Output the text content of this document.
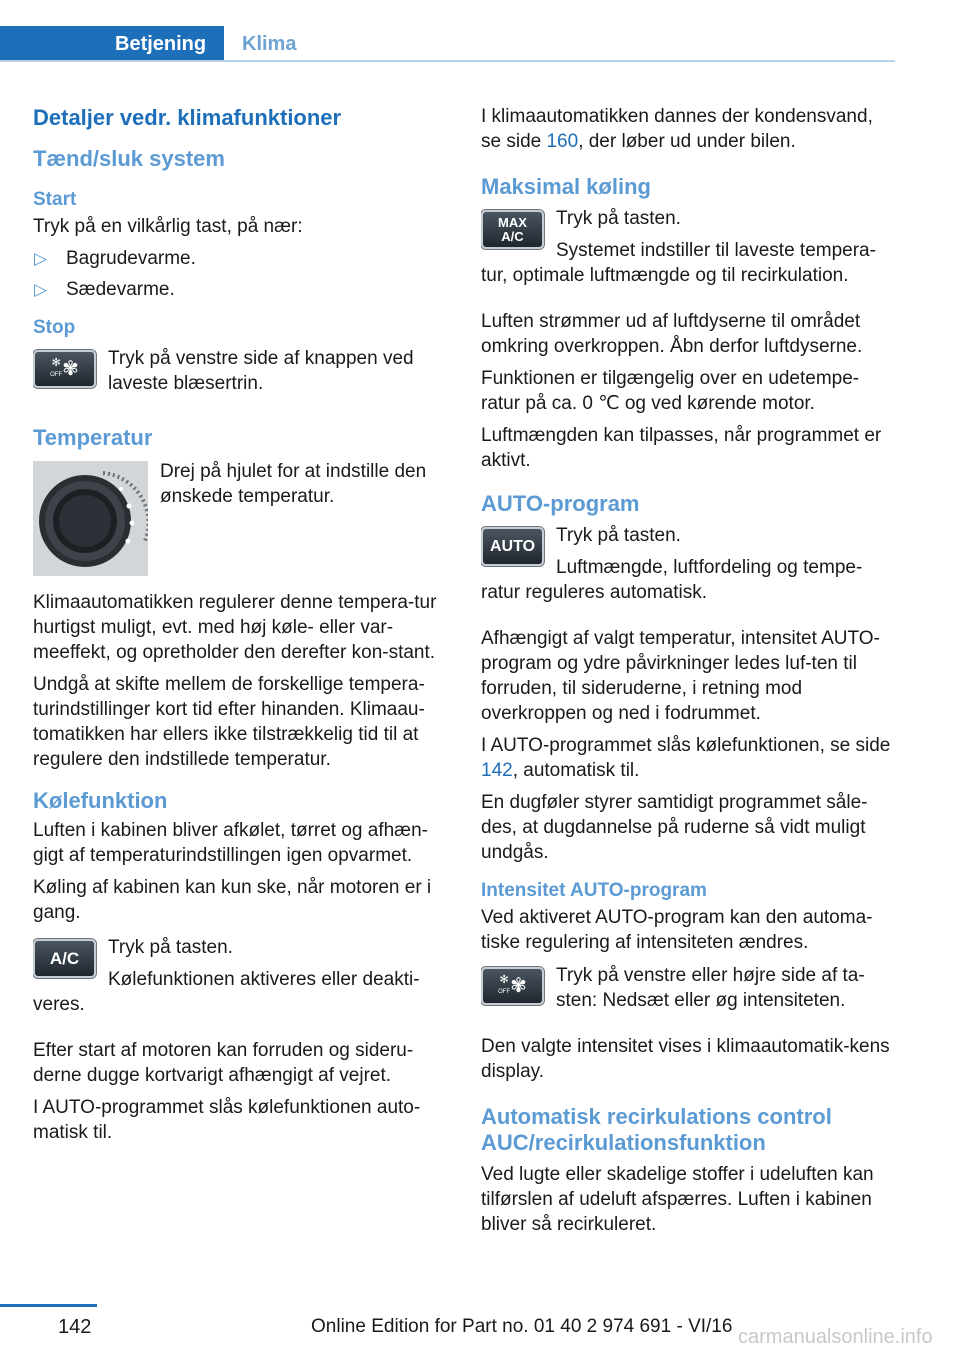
Betjening	Klima
Detaljer vedr. klimafunktioner
Tænd/sluk system
Start

Tryk på en vilkårlig tast, på nær:

▷ Bagrudevarme.
▷ Sædevarme.
Stop
✻
OFF ✾	Tryk på venstre side af knappen ved laveste blæsertrin.

Temperatur

Drej på hjulet for at indstille den ønskede temperatur.

Klimaautomatikken regulerer denne tempera‐tur hurtigst muligt, evt. med høj køle- eller var‐meeffekt, og opretholder den derefter kon‐stant.

Undgå at skifte mellem de forskellige tempera‐turindstillinger kort tid efter hinanden. Klimaau‐tomatikken har ellers ikke tilstrækkelig tid til at regulere den indstillede temperatur.

Kølefunktion

Luften i kabinen bliver afkølet, tørret og afhæn‐gigt af temperaturindstillingen igen opvarmet.

Køling af kabinen kan kun ske, når motoren er i gang.

A/C

Tryk på tasten.

Kølefunktionen aktiveres eller deakti‐veres.

Efter start af motoren kan forruden og sideru‐derne dugge kortvarigt afhængigt af vejret.

I AUTO-programmet slås kølefunktionen auto‐matisk til.

I klimaautomatikken dannes der kondensvand, se side 160, der løber ud under bilen.

Maksimal køling
MAX
A/C

Tryk på tasten.

Systemet indstiller til laveste tempera‐tur, optimale luftmængde og til recirkulation.

Luften strømmer ud af luftdyserne til området omkring overkroppen. Åbn derfor luftdyserne.

Funktionen er tilgængelig over en udetempe‐ratur på ca. 0 ℃ og ved kørende motor.

Luftmængden kan tilpasses, når programmet er aktivt.

AUTO-program
AUTO

Tryk på tasten.

Luftmængde, luftfordeling og tempe‐ratur reguleres automatisk.

Afhængigt af valgt temperatur, intensitet AUTO-program og ydre påvirkninger ledes luf‐ten til forruden, til sideruderne, i retning mod overkroppen og ned i fodrummet.

I AUTO-programmet slås kølefunktionen, se side 142, automatisk til.

En dugføler styrer samtidigt programmet såle‐des, at dugdannelse på ruderne så vidt muligt undgås.

Intensitet AUTO-program

Ved aktiveret AUTO-program kan den automa‐tiske regulering af intensiteten ændres.

✻
OFF ✾	Tryk på venstre eller højre side af ta‐sten: Nedsæt eller øg intensiteten.

Den valgte intensitet vises i klimaautomatik‐kens display.

Automatisk recirkulations control AUC/recirkulationsfunktion

Ved lugte eller skadelige stoffer i udeluften kan tilførslen af udeluft afspærres. Luften i kabinen bliver så recirkuleret.

142	Online Edition for Part no. 01 40 2 974 691 - VI/16 carmanualsonline.info
